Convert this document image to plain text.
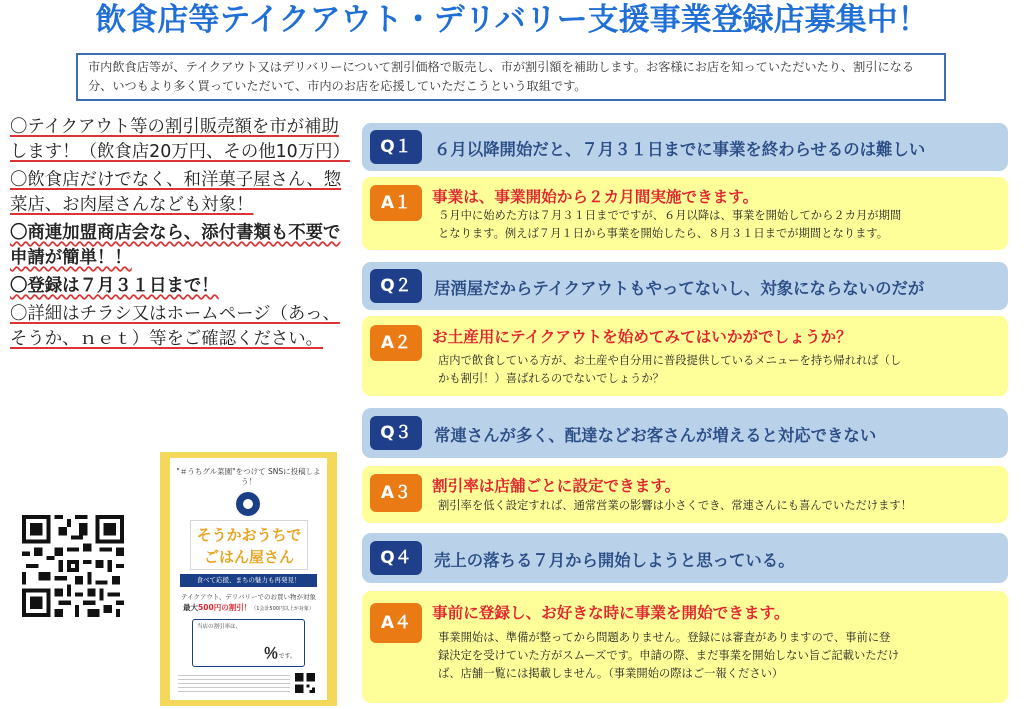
飲食店等テイクアウト・デリバリー支援事業登録店募集中！
市内飲食店等が、テイクアウト又はデリバリーについて割引価格で販売し、市が割引額を補助します。お客様にお店を知っていただいたり、割引になる分、いつもより多く買っていただいて、市内のお店を応援していただこうという取組です。
〇テイクアウト等の割引販売額を市が補助します！（飲食店20万円、その他10万円）
〇飲食店だけでなく、和洋菓子屋さん、惣菜店、お肉屋さんなども対象！
〇商連加盟商店会なら、添付書類も不要で申請が簡単！！
〇登録は７月３１日まで！
〇詳細はチラシ又はホームページ（あっ、そうか、ｎｅｔ）等をご確認ください。
"＃うちグル菜園"をつけて SNSに投稿しよう！
そうかおうちで
ごはん屋さん
食べて応援、まちの魅力も再発見！
テイクアウト、デリバリーでのお買い物が対象
最大500円の割引！（1会計500円以上が対象）
当店の割引率は、
％です。
Q１	６月以降開始だと、７月３１日までに事業を終わらせるのは難しい
A１	事業は、事業開始から２カ月間実施できます。
５月中に始めた方は７月３１日までですが、６月以降は、事業を開始してから２カ月が期間
となります。例えば７月１日から事業を開始したら、８月３１日までが期間となります。
Q２	居酒屋だからテイクアウトもやってないし、対象にならないのだが
A２	お土産用にテイクアウトを始めてみてはいかがでしょうか？
店内で飲食している方が、お土産や自分用に普段提供しているメニューを持ち帰れれば（し
かも割引！）喜ばれるのでないでしょうか？
Q３	常連さんが多く、配達などお客さんが増えると対応できない
A３	割引率は店舗ごとに設定できます。
割引率を低く設定すれば、通常営業の影響は小さくでき、常連さんにも喜んでいただけます！
Q４	売上の落ちる７月から開始しようと思っている。
A４	事前に登録し、お好きな時に事業を開始できます。
事業開始は、準備が整ってから問題ありません。登録には審査がありますので、事前に登
録決定を受けていた方がスムーズです。申請の際、まだ事業を開始しない旨ご記載いただけ
ば、店舗一覧には掲載しません。（事業開始の際はご一報ください）
